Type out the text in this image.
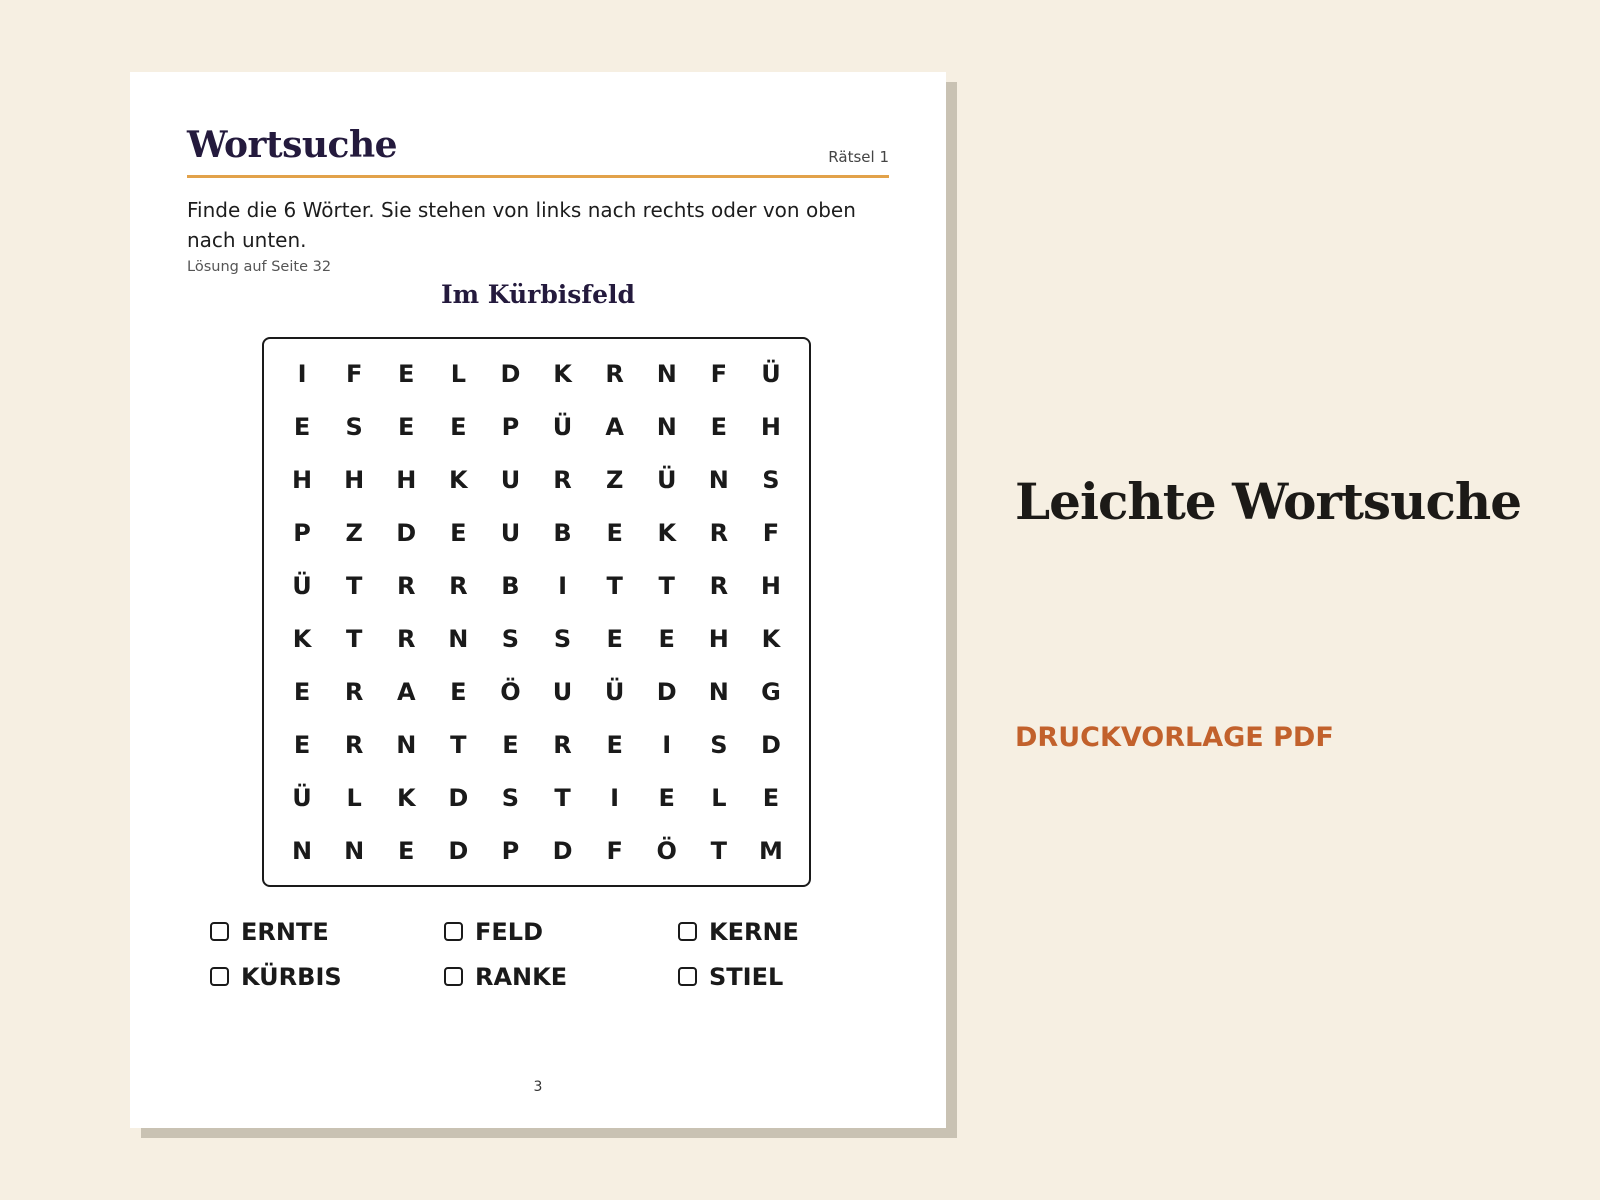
Wortsuche	Rätsel 1
Finde die 6 Wörter. Sie stehen von links nach rechts oder von oben nach unten.
Lösung auf Seite 32
Im Kürbisfeld
I	F	E	L	D	K	R	N	F	Ü
E	S	E	E	P	Ü	A	N	E	H
H	H	H	K	U	R	Z	Ü	N	S
P	Z	D	E	U	B	E	K	R	F
Ü	T	R	R	B	I	T	T	R	H
K	T	R	N	S	S	E	E	H	K
E	R	A	E	Ö	U	Ü	D	N	G
E	R	N	T	E	R	E	I	S	D
Ü	L	K	D	S	T	I	E	L	E
N	N	E	D	P	D	F	Ö	T	M
ERNTE	FELD	KERNE
KÜRBIS	RANKE	STIEL
3
Leichte Wortsuche
DRUCKVORLAGE PDF
